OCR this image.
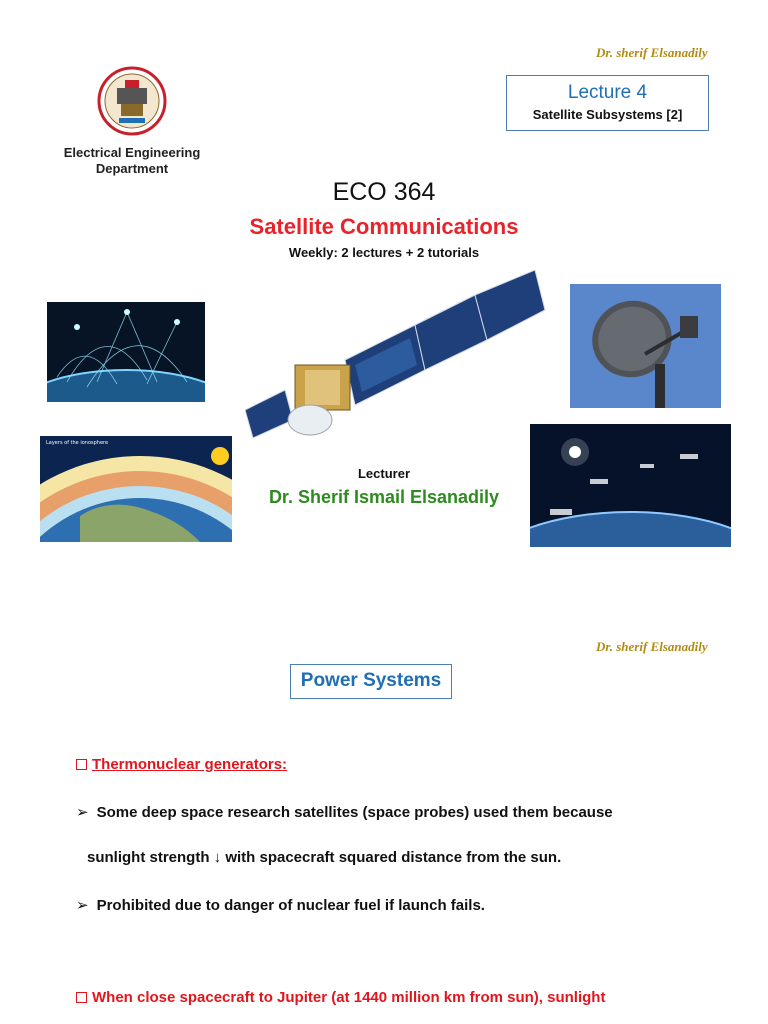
Dr. sherif Elsanadily
Electrical Engineering
Department
Lecture 4
Satellite Subsystems [2]
ECO 364
Satellite Communications
Weekly: 2 lectures + 2 tutorials
Layers of the ionosphere
Lecturer
Dr. Sherif Ismail Elsanadily
Dr. sherif Elsanadily
Power Systems
Thermonuclear generators:
➢ Some deep space research satellites (space probes) used them because
sunlight strength ↓ with spacecraft squared distance from the sun.
➢ Prohibited due to danger of nuclear fuel if launch fails.
When close spacecraft to Jupiter (at 1440 million km from sun), sunlight
